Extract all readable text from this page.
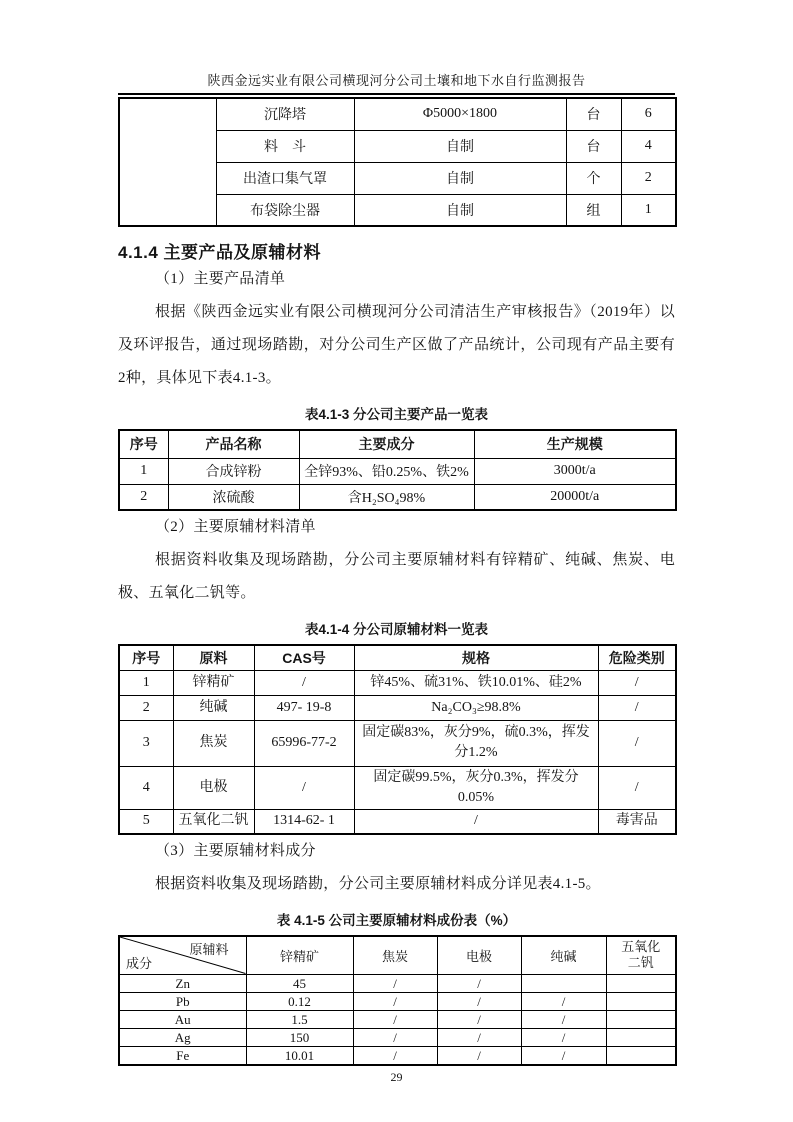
陕西金远实业有限公司横现河分公司土壤和地下水自行监测报告
	沉降塔	Φ5000×1800	台	6
	料　斗	自制	台	4
	出渣口集气罩	自制	个	2
	布袋除尘器	自制	组	1
4.1.4 主要产品及原辅材料

（1）主要产品清单

根据《陕西金远实业有限公司横现河分公司清洁生产审核报告》（2019年）以及环评报告，通过现场踏勘，对分公司生产区做了产品统计，公司现有产品主要有2种，具体见下表4.1-3。

表4.1-3 分公司主要产品一览表
序号	产品名称	主要成分	生产规模
1	合成锌粉	全锌93%、铅0.25%、铁2%	3000t/a
2	浓硫酸	含H₂SO₄98%	20000t/a

（2）主要原辅材料清单

根据资料收集及现场踏勘，分公司主要原辅材料有锌精矿、纯碱、焦炭、电极、五氧化二钒等。

表4.1-4 分公司原辅材料一览表
序号	原料	CAS号	规格	危险类别
1	锌精矿	/	锌45%、硫31%、铁10.01%、硅2%	/
2	纯碱	497- 19-8	Na₂CO₃≥98.8%	/
3	焦炭	65996-77-2	固定碳83%，灰分9%，硫0.3%，挥发分1.2%	/
4	电极	/	固定碳99.5%，灰分0.3%，挥发分0.05%	/
5	五氧化二钒	1314-62- 1	/	毒害品

（3）主要原辅材料成分

根据资料收集及现场踏勘，分公司主要原辅材料成分详见表4.1-5。

表 4.1-5 公司主要原辅材料成份表（%）
原辅料
成分	锌精矿	焦炭	电极	纯碱	五氧化二钒
Zn	45	/	/		
Pb	0.12	/	/	/	
Au	1.5	/	/	/	
Ag	150	/	/	/	
Fe	10.01	/	/	/	
29
